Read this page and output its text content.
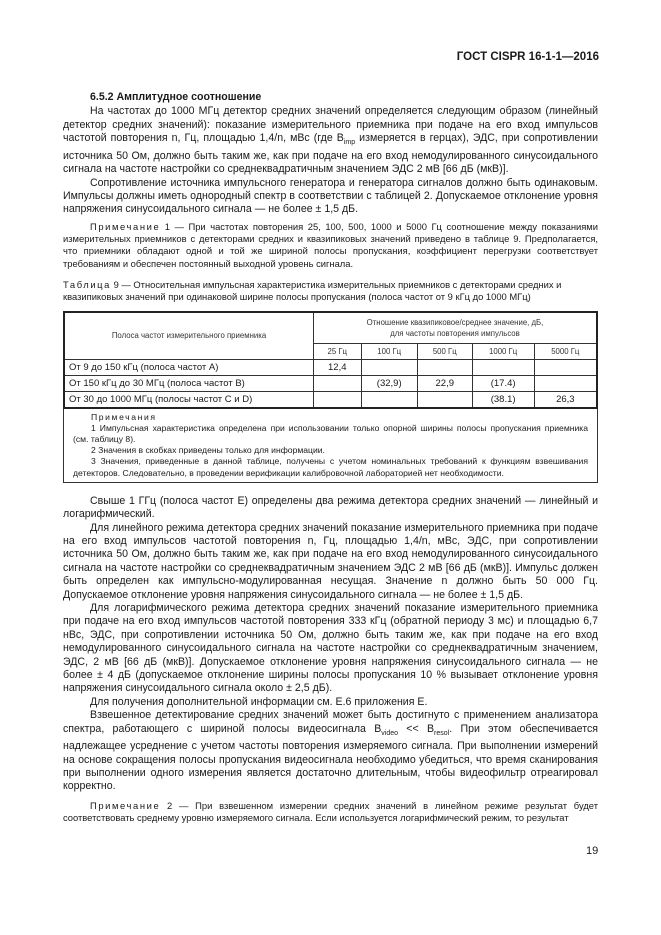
ГОСТ CISPR 16-1-1—2016
6.5.2 Амплитудное соотношение

На частотах до 1000 МГц детектор средних значений определяется следующим образом (линейный детектор средних значений): показание измерительного приемника при подаче на его вход импульсов частотой повторения n, Гц, площадью 1,4/n, мВс (где $B_{imp}$ измеряется в герцах), ЭДС, при сопротивлении источника 50 Ом, должно быть таким же, как при подаче на его вход немодулированного синусоидального сигнала на частоте настройки со среднеквадратичным значением ЭДС 2 мВ [66 дБ (мкВ)].

Сопротивление источника импульсного генератора и генератора сигналов должно быть одинаковым. Импульсы должны иметь однородный спектр в соответствии с таблицей 2. Допускаемое отклонение уровня напряжения синусоидального сигнала — не более ± 1,5 дБ.

Примечание 1 — При частотах повторения 25, 100, 500, 1000 и 5000 Гц соотношение между показаниями измерительных приемников с детекторами средних и квазипиковых значений приведено в таблице 9. Предполагается, что приемники обладают одной и той же шириной полосы пропускания, коэффициент перегрузки соответствует требованиям и обеспечен постоянный выходной уровень сигнала.

Таблица 9 — Относительная импульсная характеристика измерительных приемников с детекторами средних и квазипиковых значений при одинаковой ширине полосы пропускания (полоса частот от 9 кГц до 1000 МГц)

Полоса частот измерительного приемника	Отношение квазипиковое/среднее значение, дБ,
для частоты повторения импульсов				
	25 Гц	100 Гц	500 Гц	1000 Гц	5000 Гц
От 9 до 150 кГц (полоса частот А)	12,4				
От 150 кГц до 30 МГц (полоса частот В)		(32,9)	22,9	(17.4)	
От 30 до 1000 МГц (полосы частот С и D)				(38.1)	26,3

Примечания

1 Импульсная характеристика определена при использовании только опорной ширины полосы пропускания приемника (см. таблицу 8).

2 Значения в скобках приведены только для информации.

3 Значения, приведенные в данной таблице, получены с учетом номинальных требований к функциям взвешивания детекторов. Следовательно, в проведении верификации калибровочной лабораторией нет необходимости.

Свыше 1 ГГц (полоса частот Е) определены два режима детектора средних значений — линейный и логарифмический.

Для линейного режима детектора средних значений показание измерительного приемника при подаче на его вход импульсов частотой повторения n, Гц, площадью 1,4/n, мВс, ЭДС, при сопротивлении источника 50 Ом, должно быть таким же, как при подаче на его вход немодулированного синусоидального сигнала на частоте настройки со среднеквадратичным значением ЭДС 2 мВ [66 дБ (мкВ)]. Импульс должен быть определен как импульсно-модулированная несущая. Значение n должно быть 50 000 Гц. Допускаемое отклонение уровня напряжения синусоидального сигнала — не более ± 1,5 дБ.

Для логарифмического режима детектора средних значений показание измерительного приемника при подаче на его вход импульсов частотой повторения 333 кГц (обратной периоду 3 мс) и площадью 6,7 нВс, ЭДС, при сопротивлении источника 50 Ом, должно быть таким же, как при подаче на его вход немодулированного синусоидального сигнала на частоте настройки со среднеквадратичным значением, ЭДС, 2 мВ [66 дБ (мкВ)]. Допускаемое отклонение уровня напряжения синусоидального сигнала — не более ± 4 дБ (допускаемое отклонение ширины полосы пропускания 10 % вызывает отклонение уровня напряжения синусоидального сигнала около ± 2,5 дБ).

Для получения дополнительной информации см. Е.6 приложения Е.

Взвешенное детектирование средних значений может быть достигнуто с применением анализатора спектра, работающего с шириной полосы видеосигнала $B_{video} << B_{resol}$. При этом обеспечивается надлежащее усреднение с учетом частоты повторения измеряемого сигнала. При выполнении измерений на основе сокращения полосы пропускания видеосигнала необходимо убедиться, что время сканирования при выполнении одного измерения является достаточно длительным, чтобы видеофильтр отреагировал корректно.

Примечание 2 — При взвешенном измерении средних значений в линейном режиме результат будет соответствовать среднему уровню измеряемого сигнала. Если используется логарифмический режим, то результат

19
